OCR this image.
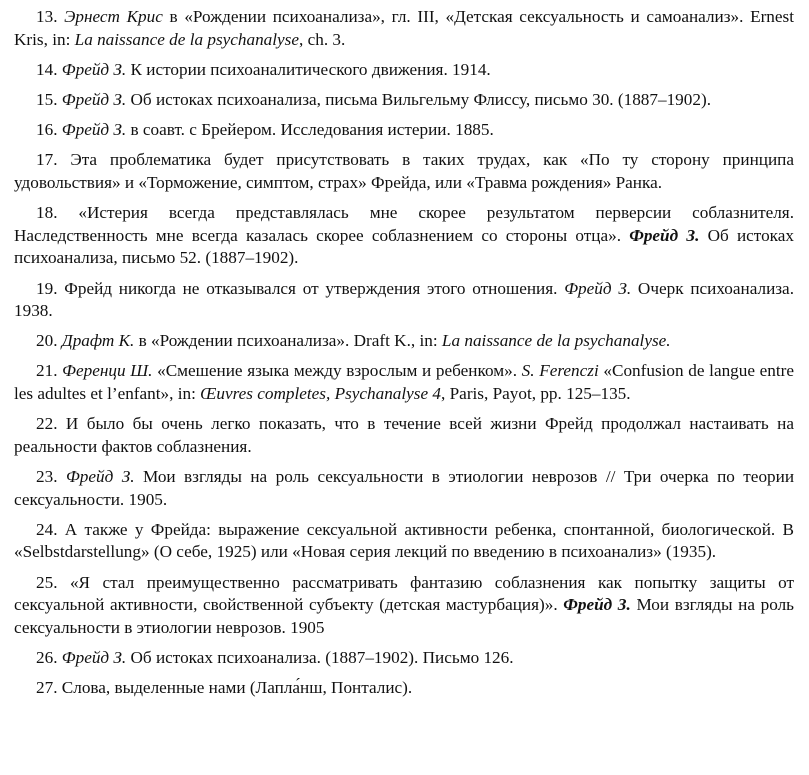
13. Эрнест Крис в «Рождении психоанализа», гл. III, «Детская сексуальность и самоанализ». Ernest Kris, in: La naissance de la psychanalyse, ch. 3.

14. Фрейд З. К истории психоаналитического движения. 1914.

15. Фрейд З. Об истоках психоанализа, письма Вильгельму Флиссу, письмо 30. (1887–1902).

16. Фрейд З. в соавт. с Брейером. Исследования истерии. 1885.

17. Эта проблематика будет присутствовать в таких трудах, как «По ту сторону принципа удовольствия» и «Торможение, симптом, страх» Фрейда, или «Травма рождения» Ранка.

18. «Истерия всегда представлялась мне скорее результатом перверсии соблазнителя. Наследственность мне всегда казалась скорее соблазнением со стороны отца». Фрейд З. Об истоках психоанализа, письмо 52. (1887–1902).

19. Фрейд никогда не отказывался от утверждения этого отношения. Фрейд З. Очерк психоанализа. 1938.

20. Драфт К. в «Рождении психоанализа». Draft K., in: La naissance de la psychanalyse.

21. Ференци Ш. «Смешение языка между взрослым и ребенком». S. Ferenczi «Confusion de langue entre les adultes et l’enfant», in: Œuvres completes, Psychanalyse 4, Paris, Payot, pp. 125–135.

22. И было бы очень легко показать, что в течение всей жизни Фрейд продолжал настаивать на реальности фактов соблазнения.

23. Фрейд З. Мои взгляды на роль сексуальности в этиологии неврозов // Три очерка по теории сексуальности. 1905.

24. А также у Фрейда: выражение сексуальной активности ребенка, спонтанной, биологической. В «Selbstdarstellung» (О себе, 1925) или «Новая серия лекций по введению в психоанализ» (1935).

25. «Я стал преимущественно рассматривать фантазию соблазнения как попытку защиты от сексуальной активности, свойственной субъекту (детская мастурбация)». Фрейд З. Мои взгляды на роль сексуальности в этиологии неврозов. 1905

26. Фрейд З. Об истоках психоанализа. (1887–1902). Письмо 126.

27. Слова, выделенные нами (Лапла́нш, Понталис).
